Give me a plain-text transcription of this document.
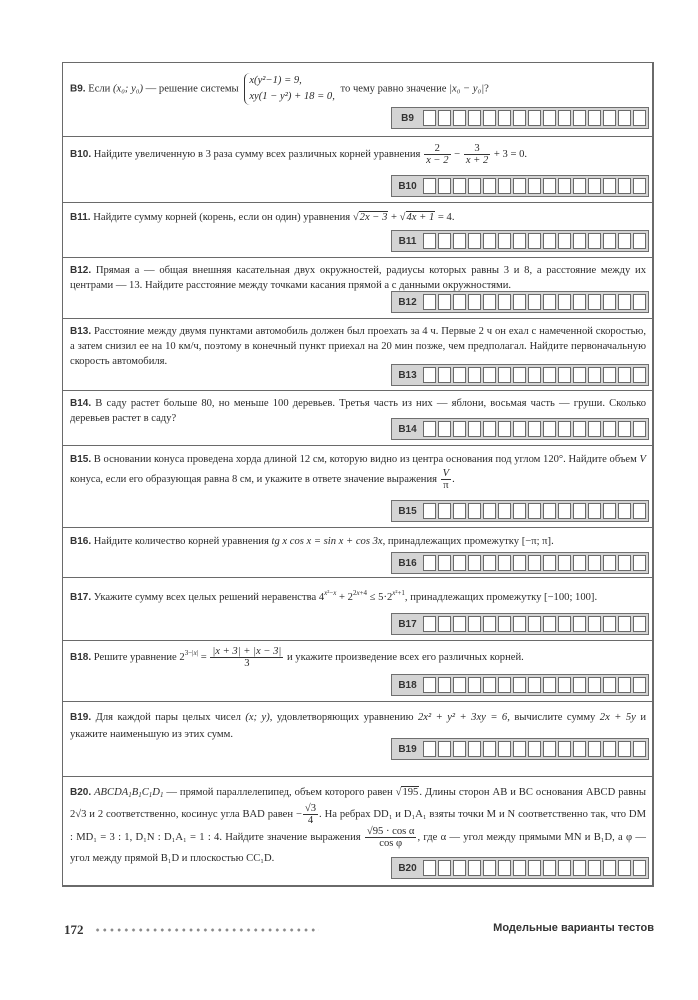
B9. Если (x₀; y₀) — решение системы x(y²−1) = 9,
xy(1 − y²) + 18 = 0, то чему равно значение |x₀ − y₀|?
B9
B10. Найдите увеличенную в 3 раза сумму всех различных корней уравнения $\frac{2}{x - 2} - \frac{3}{x + 2} + 3 = 0$.
B10
B11. Найдите сумму корней (корень, если он один) уравнения √2x − 3 + √4x + 1 = 4.
B11
B12. Прямая a — общая внешняя касательная двух окружностей, радиусы которых равны 3 и 8, а расстояние между их центрами — 13. Найдите расстояние между точками касания прямой a с данными окружностями.
B12
B13. Расстояние между двумя пунктами автомобиль должен был проехать за 4 ч. Первые 2 ч он ехал с намеченной скоростью, а затем снизил ее на 10 км/ч, поэтому в конечный пункт приехал на 20 мин позже, чем предполагал. Найдите первоначальную скорость автомобиля.
B13
B14. В саду растет больше 80, но меньше 100 деревьев. Третья часть из них — яблони, восьмая часть — груши. Сколько деревьев растет в саду?
B14
B15. В основании конуса проведена хорда длиной 12 см, которую видно из центра основания под углом 120°. Найдите объем V конуса, если его образующая равна 8 см, и укажите в ответе значение выражения $\frac{V}{\pi}$ .
B15
B16. Найдите количество корней уравнения tg x cos x = sin x + cos 3x, принадлежащих промежутку [−π; π].
B16
B17. Укажите сумму всех целых решений неравенства $4^{x^2-x} + 2^{2x+4} \le 5\cdot 2^{x^2+1}$, принадлежащих промежутку [−100; 100].
B17
B18. Решите уравнение $2^{3-|x|} = \frac{|x + 3| + |x - 3|}{3}$ и укажите произведение всех его различных корней.
B18
B19. Для каждой пары целых чисел (x; y), удовлетворяющих уравнению 2x² + y² + 3xy = 6, вычислите сумму 2x + 5y и укажите наименьшую из этих сумм.
B19
B20. $ABCDA_1B_1C_1D_1$ — прямой параллелепипед, объем которого равен √195. Длины сторон AB и BC основания ABCD равны 2√3 и 2 соответственно, косинус угла BAD равен − $\frac{√3}{4}$ . На ребрах DD₁ и D₁A₁ взяты точки M и N соответственно так, что DM : MD₁ = 3 : 1, D₁N : D₁A₁ = 1 : 4. Найдите значение выражения $\frac{\text{√95 · cos α}}{\text{cos φ}}$ , где α — угол между прямыми MN и B₁D, а φ — угол между прямой B₁D и плоскостью CC₁D.
B20
172	Модельные варианты тестов
